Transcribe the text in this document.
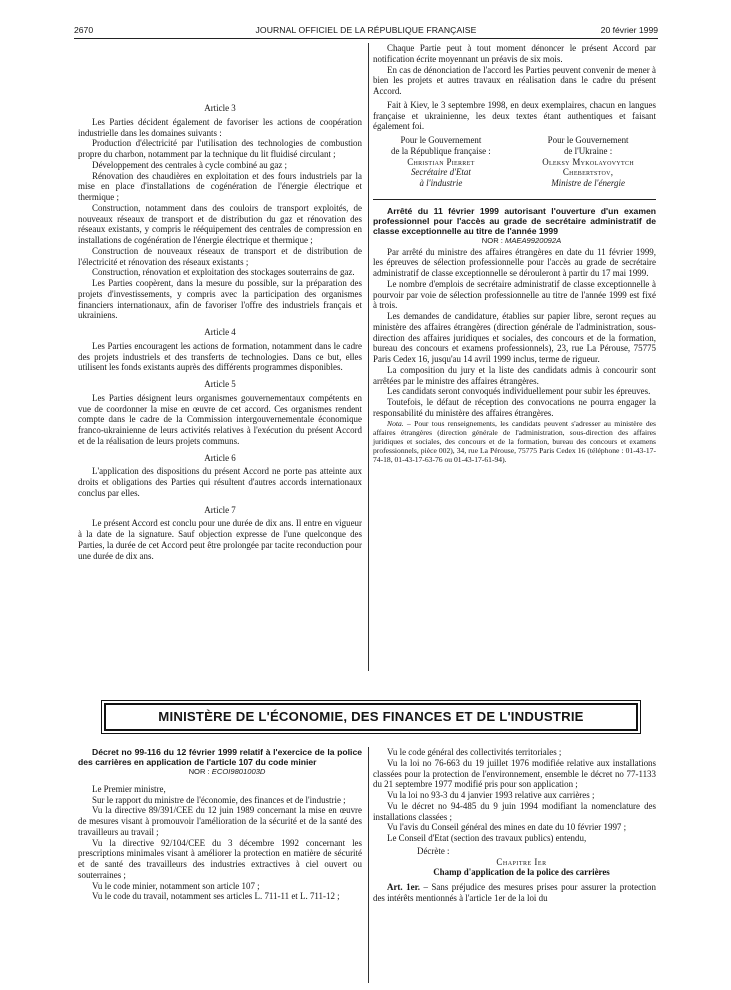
2670	JOURNAL OFFICIEL DE LA RÉPUBLIQUE FRANÇAISE	20 février 1999

Article 3

Les Parties décident également de favoriser les actions de coopération industrielle dans les domaines suivants :

Production d'électricité par l'utilisation des technologies de combustion propre du charbon, notamment par la technique du lit fluidisé circulant ;

Développement des centrales à cycle combiné au gaz ;

Rénovation des chaudières en exploitation et des fours industriels par la mise en place d'installations de cogénération de l'énergie électrique et thermique ;

Construction, notamment dans des couloirs de transport exploités, de nouveaux réseaux de transport et de distribution du gaz et rénovation des réseaux existants, y compris le rééquipement des centrales de compression en installations de cogénération de l'énergie électrique et thermique ;

Construction de nouveaux réseaux de transport et de distribution de l'électricité et rénovation des réseaux existants ;

Construction, rénovation et exploitation des stockages souterrains de gaz.

Les Parties coopèrent, dans la mesure du possible, sur la préparation des projets d'investissements, y compris avec la participation des organismes financiers internationaux, afin de favoriser l'offre des industriels français et ukrainiens.

Article 4

Les Parties encouragent les actions de formation, notamment dans le cadre des projets industriels et des transferts de technologies. Dans ce but, elles utilisent les fonds existants auprès des différents programmes disponibles.

Article 5

Les Parties désignent leurs organismes gouvernementaux compétents en vue de coordonner la mise en œuvre de cet accord. Ces organismes rendent compte dans le cadre de la Commission intergouvernementale économique franco-ukrainienne de leurs activités relatives à l'exécution du présent Accord et de la réalisation de leurs projets communs.

Article 6

L'application des dispositions du présent Accord ne porte pas atteinte aux droits et obligations des Parties qui résultent d'autres accords internationaux conclus par elles.

Article 7

Le présent Accord est conclu pour une durée de dix ans. Il entre en vigueur à la date de la signature. Sauf objection expresse de l'une quelconque des Parties, la durée de cet Accord peut être prolongée par tacite reconduction pour une durée de dix ans.

Chaque Partie peut à tout moment dénoncer le présent Accord par notification écrite moyennant un préavis de six mois.

En cas de dénonciation de l'accord les Parties peuvent convenir de mener à bien les projets et autres travaux en réalisation dans le cadre du présent Accord.

Fait à Kiev, le 3 septembre 1998, en deux exemplaires, chacun en langues française et ukrainienne, les deux textes étant authentiques et faisant également foi.

Pour le Gouvernement
de la République française :
Christian Pierret
Secrétaire d'Etat
à l'industrie
Pour le Gouvernement
de l'Ukraine :
Oleksy Mykolayovytch
Chebertstov,
Ministre de l'énergie

Arrêté du 11 février 1999 autorisant l'ouverture d'un examen professionnel pour l'accès au grade de secrétaire administratif de classe exceptionnelle au titre de l'année 1999

NOR : MAEA9920092A

Par arrêté du ministre des affaires étrangères en date du 11 février 1999, les épreuves de sélection professionnelle pour l'accès au grade de secrétaire administratif de classe exceptionnelle se dérouleront à partir du 17 mai 1999.

Le nombre d'emplois de secrétaire administratif de classe exceptionnelle à pourvoir par voie de sélection professionnelle au titre de l'année 1999 est fixé à trois.

Les demandes de candidature, établies sur papier libre, seront reçues au ministère des affaires étrangères (direction générale de l'administration, sous-direction des affaires juridiques et sociales, des concours et de la formation, bureau des concours et examens professionnels), 23, rue La Pérouse, 75775 Paris Cedex 16, jusqu'au 14 avril 1999 inclus, terme de rigueur.

La composition du jury et la liste des candidats admis à concourir sont arrêtées par le ministre des affaires étrangères.

Les candidats seront convoqués individuellement pour subir les épreuves.

Toutefois, le défaut de réception des convocations ne pourra engager la responsabilité du ministère des affaires étrangères.

Nota. – Pour tous renseignements, les candidats peuvent s'adresser au ministère des affaires étrangères (direction générale de l'administration, sous-direction des affaires juridiques et sociales, des concours et de la formation, bureau des concours et examens professionnels, pièce 002), 34, rue La Pérouse, 75775 Paris Cedex 16 (téléphone : 01-43-17-74-18, 01-43-17-63-76 ou 01-43-17-61-94).

MINISTÈRE DE L'ÉCONOMIE, DES FINANCES ET DE L'INDUSTRIE

Décret no 99-116 du 12 février 1999 relatif à l'exercice de la police des carrières en application de l'article 107 du code minier

NOR : ECOI9801003D

Le Premier ministre,

Sur le rapport du ministre de l'économie, des finances et de l'industrie ;

Vu la directive 89/391/CEE du 12 juin 1989 concernant la mise en œuvre de mesures visant à promouvoir l'amélioration de la sécurité et de la santé des travailleurs au travail ;

Vu la directive 92/104/CEE du 3 décembre 1992 concernant les prescriptions minimales visant à améliorer la protection en matière de sécurité et de santé des travailleurs des industries extractives à ciel ouvert ou souterraines ;

Vu le code minier, notamment son article 107 ;

Vu le code du travail, notamment ses articles L. 711-11 et L. 711-12 ;

Vu le code général des collectivités territoriales ;

Vu la loi no 76-663 du 19 juillet 1976 modifiée relative aux installations classées pour la protection de l'environnement, ensemble le décret no 77-1133 du 21 septembre 1977 modifié pris pour son application ;

Vu la loi no 93-3 du 4 janvier 1993 relative aux carrières ;

Vu le décret no 94-485 du 9 juin 1994 modifiant la nomenclature des installations classées ;

Vu l'avis du Conseil général des mines en date du 10 février 1997 ;

Le Conseil d'Etat (section des travaux publics) entendu,

Décrète :

Chapitre Ier

Champ d'application de la police des carrières

Art. 1er. – Sans préjudice des mesures prises pour assurer la protection des intérêts mentionnés à l'article 1er de la loi du
